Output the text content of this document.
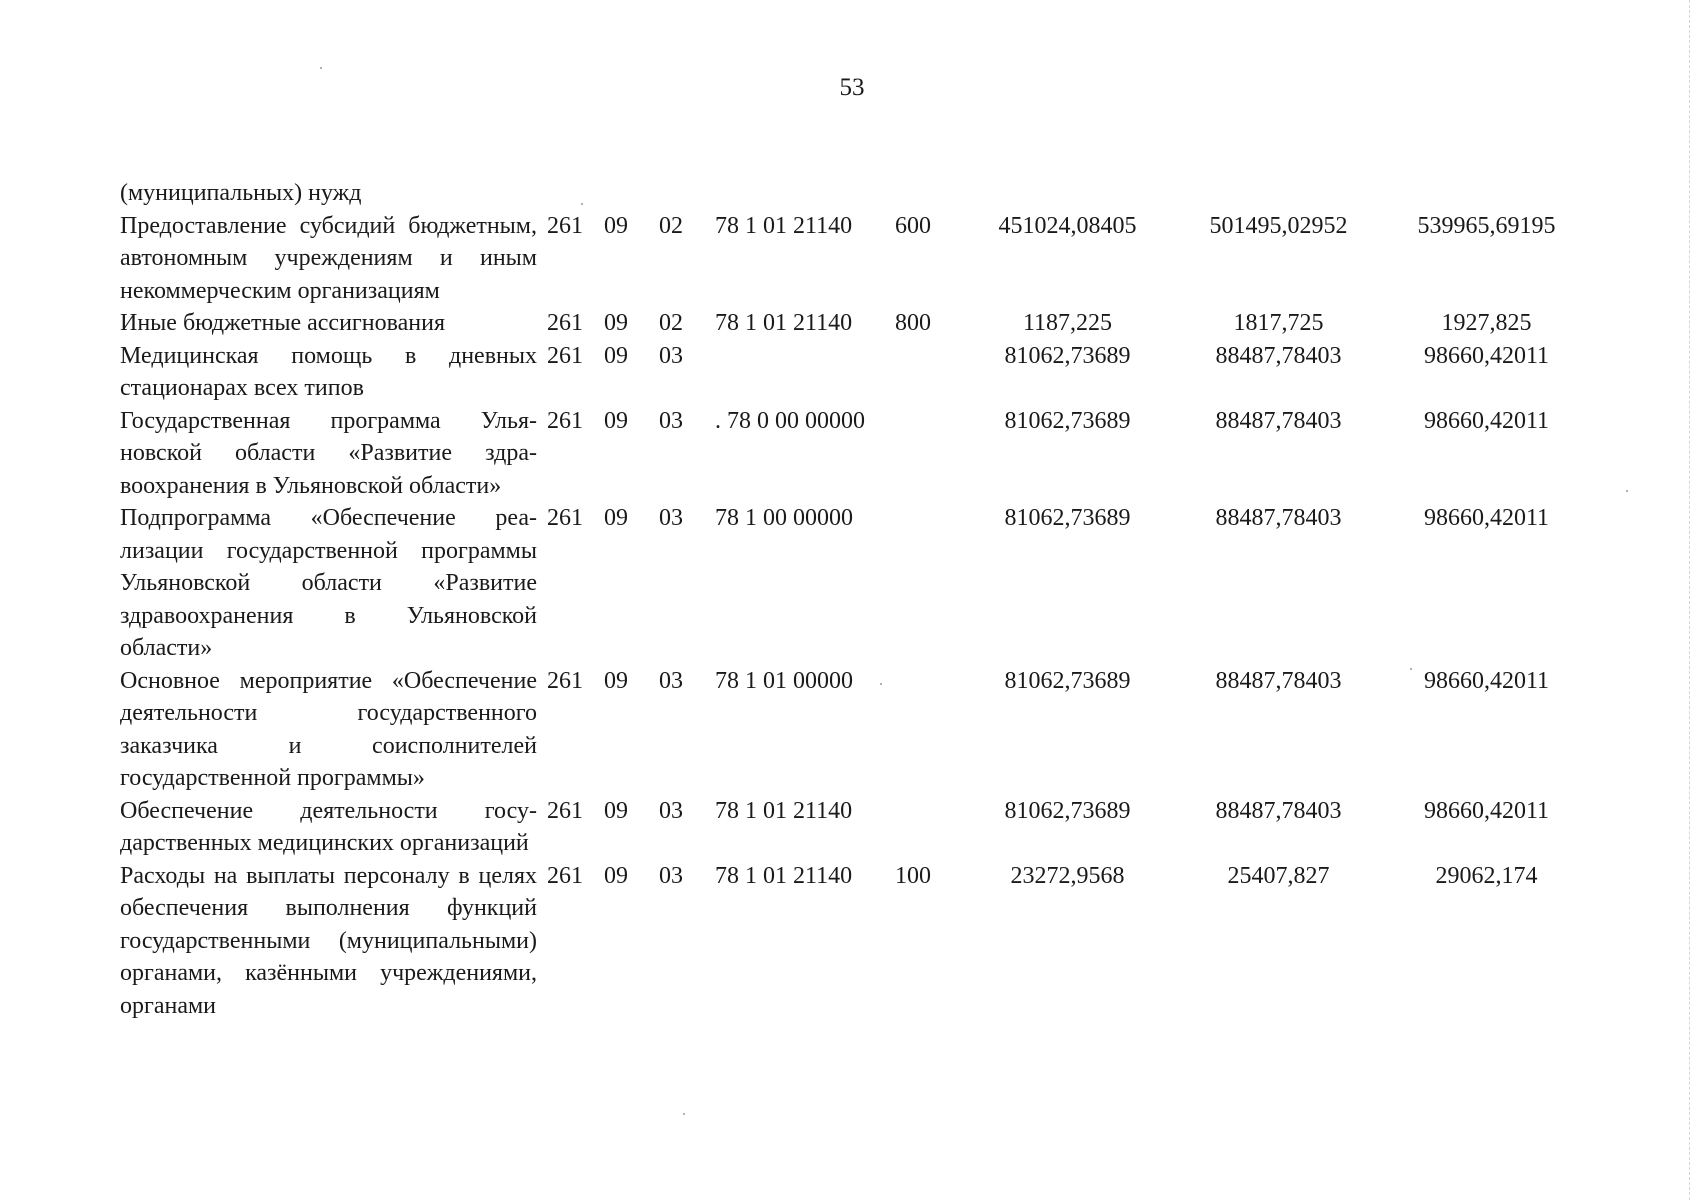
53
(муниципальных) нужд								
Предоставление субсидий бюджетным, автономным учреждениям и иным некоммерческим организациям	261	09	02	78 1 01 21140	600	451024,08405	501495,02952	539965,69195
Иные бюджетные ассигнования	261	09	02	78 1 01 21140	800	1187,225	1817,725	1927,825
Медицинская помощь в дневных стационарах всех типов	261	09	03			81062,73689	88487,78403	98660,42011
Государственная программа Ульяновской области «Развитие здравоохранения в Ульяновской области»	261	09	03	. 78 0 00 00000		81062,73689	88487,78403	98660,42011
Подпрограмма «Обеспечение реализации государственной программы Ульяновской области «Развитие здравоохранения в Ульяновской области»	261	09	03	78 1 00 00000		81062,73689	88487,78403	98660,42011
Основное мероприятие «Обеспечение деятельности государственного заказчика и соисполнителей государственной программы»	261	09	03	78 1 01 00000		81062,73689	88487,78403	98660,42011
Обеспечение деятельности государственных медицинских организаций	261	09	03	78 1 01 21140		81062,73689	88487,78403	98660,42011
Расходы на выплаты персоналу в целях обеспечения выполнения функций государственными (муниципальными) органами, казёнными учреждениями, органами	261	09	03	78 1 01 21140	100	23272,9568	25407,827	29062,174
